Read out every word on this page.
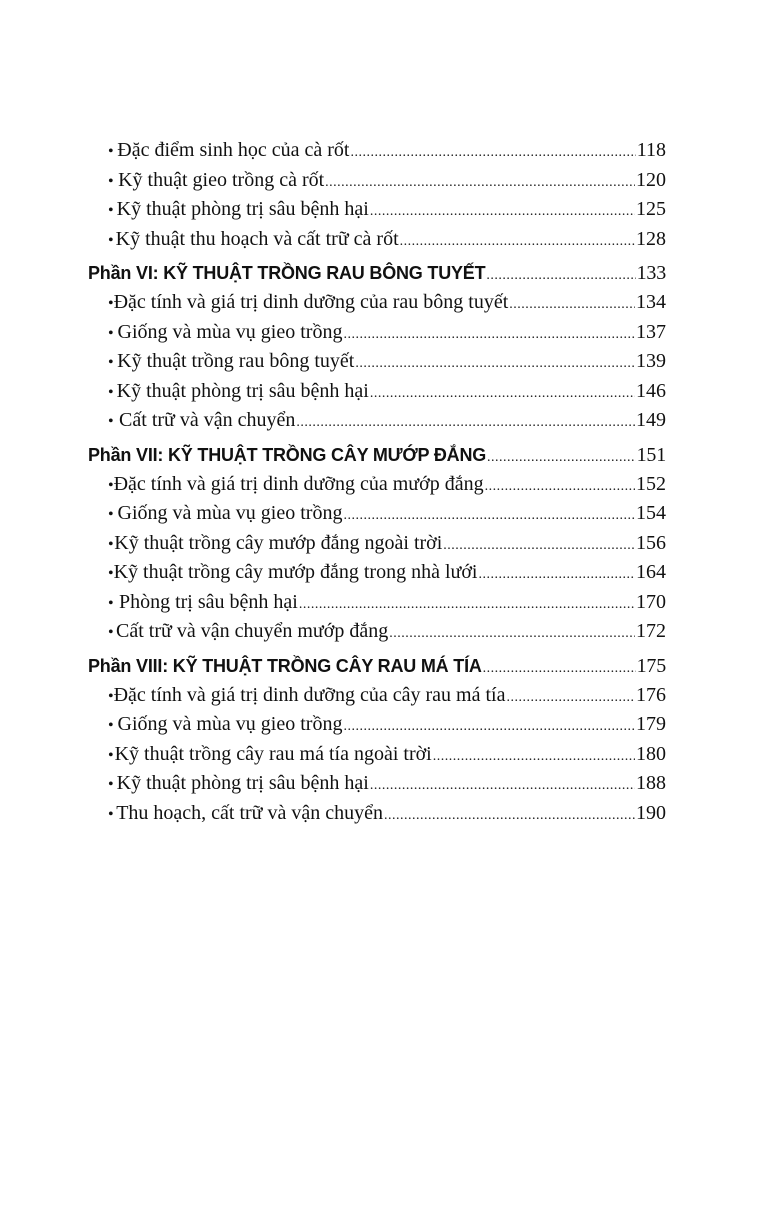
• Đặc điểm sinh học của cà rốt .....	118
• Kỹ thuật gieo trồng cà rốt .....	120
• Kỹ thuật phòng trị sâu bệnh hại .....	125
• Kỹ thuật thu hoạch và cất trữ cà rốt .....	128
Phần VI: KỸ THUẬT TRỒNG RAU BÔNG TUYẾT .....	133
• Đặc tính và giá trị dinh dưỡng của rau bông tuyết .....	134
• Giống và mùa vụ gieo trồng .....	137
• Kỹ thuật trồng rau bông tuyết .....	139
• Kỹ thuật phòng trị sâu bệnh hại .....	146
• Cất trữ và vận chuyển .....	149
Phần VII: KỸ THUẬT TRỒNG CÂY MƯỚP ĐẮNG .....	151
• Đặc tính và giá trị dinh dưỡng của mướp đắng .....	152
• Giống và mùa vụ gieo trồng .....	154
• Kỹ thuật trồng cây mướp đắng ngoài trời .....	156
• Kỹ thuật trồng cây mướp đắng trong nhà lưới .....	164
• Phòng trị sâu bệnh hại .....	170
• Cất trữ và vận chuyển mướp đắng .....	172
Phần VIII: KỸ THUẬT TRỒNG CÂY RAU MÁ TÍA .....	175
• Đặc tính và giá trị dinh dưỡng của cây rau má tía .....	176
• Giống và mùa vụ gieo trồng .....	179
• Kỹ thuật trồng cây rau má tía ngoài trời .....	180
• Kỹ thuật phòng trị sâu bệnh hại .....	188
• Thu hoạch, cất trữ và vận chuyển .....	190
